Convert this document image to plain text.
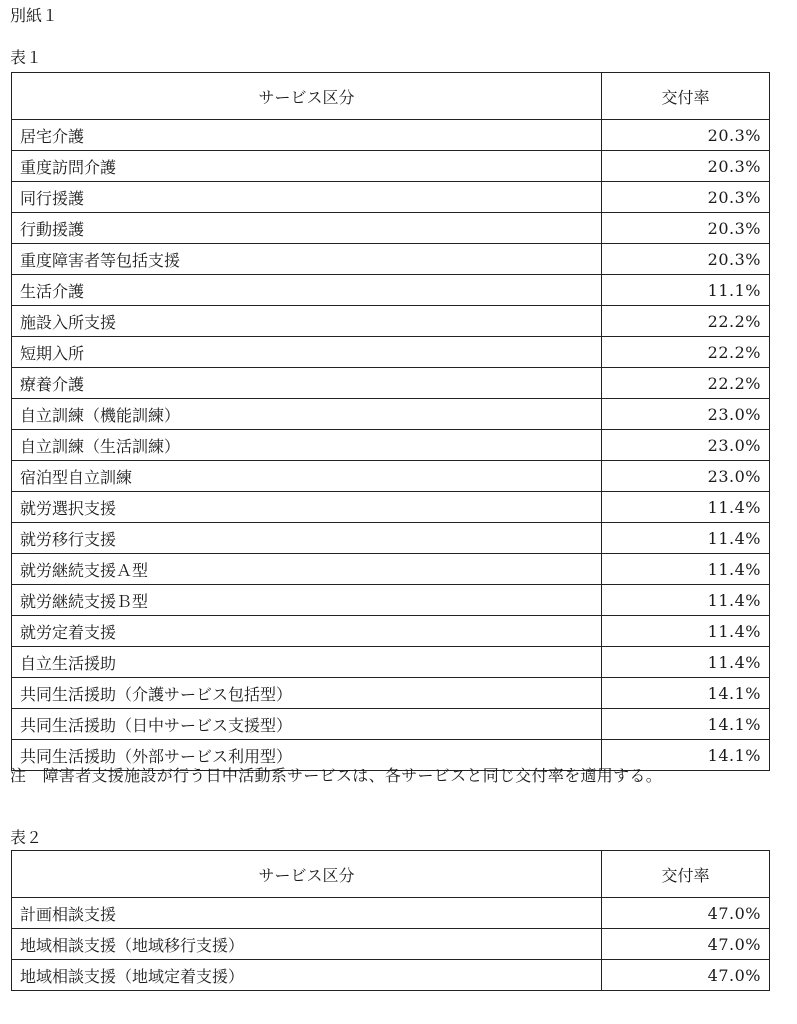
別紙１
表１
サービス区分	交付率
居宅介護	20.3%
重度訪問介護	20.3%
同行援護	20.3%
行動援護	20.3%
重度障害者等包括支援	20.3%
生活介護	11.1%
施設入所支援	22.2%
短期入所	22.2%
療養介護	22.2%
自立訓練（機能訓練）	23.0%
自立訓練（生活訓練）	23.0%
宿泊型自立訓練	23.0%
就労選択支援	11.4%
就労移行支援	11.4%
就労継続支援Ａ型	11.4%
就労継続支援Ｂ型	11.4%
就労定着支援	11.4%
自立生活援助	11.4%
共同生活援助（介護サービス包括型）	14.1%
共同生活援助（日中サービス支援型）	14.1%
共同生活援助（外部サービス利用型）	14.1%
注　障害者支援施設が行う日中活動系サービスは、各サービスと同じ交付率を適用する。
表２
サービス区分	交付率
計画相談支援	47.0%
地域相談支援（地域移行支援）	47.0%
地域相談支援（地域定着支援）	47.0%
